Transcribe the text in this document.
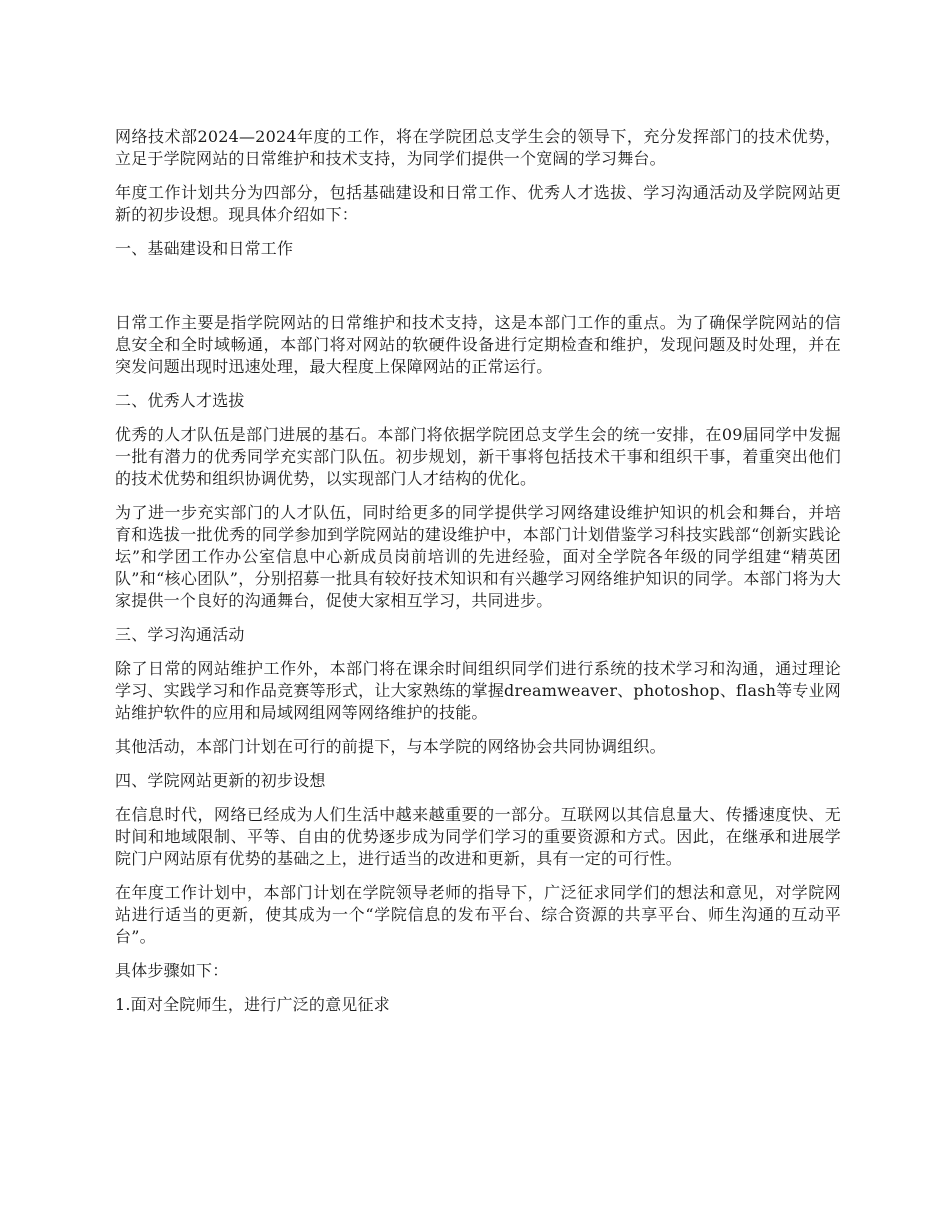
网络技术部2024—2024年度的工作，将在学院团总支学生会的领导下，充分发挥部门的技术优势，立足于学院网站的日常维护和技术支持，为同学们提供一个宽阔的学习舞台。

年度工作计划共分为四部分，包括基础建设和日常工作、优秀人才选拔、学习沟通活动及学院网站更新的初步设想。现具体介绍如下：

一、基础建设和日常工作

日常工作主要是指学院网站的日常维护和技术支持，这是本部门工作的重点。为了确保学院网站的信息安全和全时域畅通，本部门将对网站的软硬件设备进行定期检查和维护，发现问题及时处理，并在突发问题出现时迅速处理，最大程度上保障网站的正常运行。

二、优秀人才选拔

优秀的人才队伍是部门进展的基石。本部门将依据学院团总支学生会的统一安排，在09届同学中发掘一批有潜力的优秀同学充实部门队伍。初步规划，新干事将包括技术干事和组织干事，着重突出他们的技术优势和组织协调优势，以实现部门人才结构的优化。

为了进一步充实部门的人才队伍，同时给更多的同学提供学习网络建设维护知识的机会和舞台，并培育和选拔一批优秀的同学参加到学院网站的建设维护中，本部门计划借鉴学习科技实践部“创新实践论坛”和学团工作办公室信息中心新成员岗前培训的先进经验，面对全学院各年级的同学组建“精英团队”和“核心团队”，分别招募一批具有较好技术知识和有兴趣学习网络维护知识的同学。本部门将为大家提供一个良好的沟通舞台，促使大家相互学习，共同进步。

三、学习沟通活动

除了日常的网站维护工作外，本部门将在课余时间组织同学们进行系统的技术学习和沟通，通过理论学习、实践学习和作品竞赛等形式，让大家熟练的掌握dreamweaver、photoshop、flash等专业网站维护软件的应用和局域网组网等网络维护的技能。

其他活动，本部门计划在可行的前提下，与本学院的网络协会共同协调组织。

四、学院网站更新的初步设想

在信息时代，网络已经成为人们生活中越来越重要的一部分。互联网以其信息量大、传播速度快、无时间和地域限制、平等、自由的优势逐步成为同学们学习的重要资源和方式。因此，在继承和进展学院门户网站原有优势的基础之上，进行适当的改进和更新，具有一定的可行性。

在年度工作计划中，本部门计划在学院领导老师的指导下，广泛征求同学们的想法和意见，对学院网站进行适当的更新，使其成为一个“学院信息的发布平台、综合资源的共享平台、师生沟通的互动平台”。

具体步骤如下：

1.面对全院师生，进行广泛的意见征求
